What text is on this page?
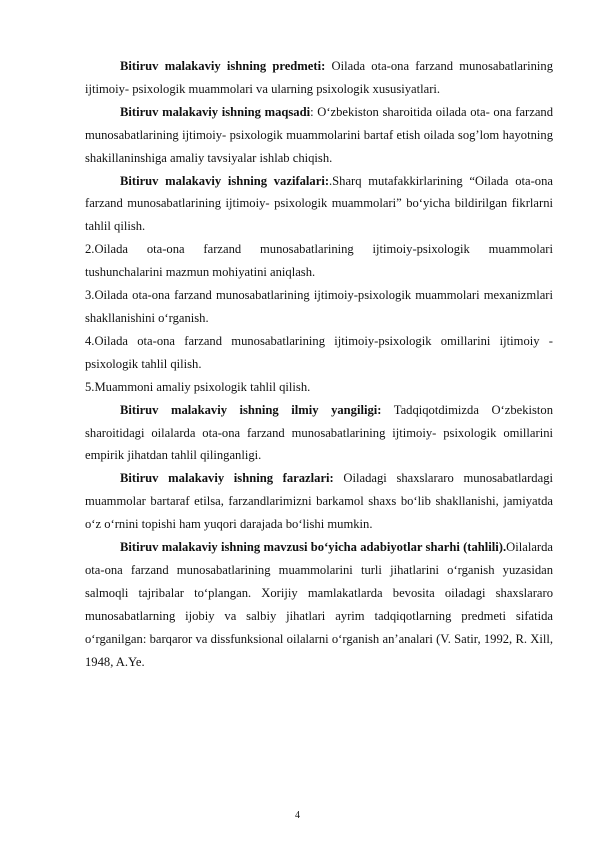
Bitiruv malakaviy ishning predmeti: Oilada ota-ona farzand munosabatlarining ijtimoiy- psixologik muammolari va ularning psixologik xususiyatlari.

Bitiruv malakaviy ishning maqsadi: O‘zbekiston sharoitida oilada ota- ona farzand munosabatlarining ijtimoiy- psixologik muammolarini bartaf etish oilada sog’lom hayotning shakillaninshiga amaliy tavsiyalar ishlab chiqish.

Bitiruv malakaviy ishning vazifalari:.Sharq mutafakkirlarining “Oilada ota-ona farzand munosabatlarining ijtimoiy- psixologik muammolari” bo‘yicha bildirilgan fikrlarni tahlil qilish.

2.Oilada ota-ona farzand munosabatlarining ijtimoiy-psixologik muammolari tushunchalarini mazmun mohiyatini aniqlash.

3.Oilada ota-ona farzand munosabatlarining ijtimoiy-psixologik muammolari mexanizmlari shakllanishini o‘rganish.

4.Oilada ota-ona farzand munosabatlarining ijtimoiy-psixologik omillarini ijtimoiy -psixologik tahlil qilish.

5.Muammoni amaliy psixologik tahlil qilish.

Bitiruv malakaviy ishning ilmiy yangiligi: Tadqiqotdimizda O‘zbekiston sharoitidagi oilalarda ota-ona farzand munosabatlarining ijtimoiy- psixologik omillarini empirik jihatdan tahlil qilinganligi.

Bitiruv malakaviy ishning farazlari: Oiladagi shaxslararo munosabatlardagi muammolar bartaraf etilsa, farzandlarimizni barkamol shaxs bo‘lib shakllanishi, jamiyatda o‘z o‘rnini topishi ham yuqori darajada bo‘lishi mumkin.

Bitiruv malakaviy ishning mavzusi bo‘yicha adabiyotlar sharhi (tahlili).Oilalarda ota-ona farzand munosabatlarining muammolarini turli jihatlarini o‘rganish yuzasidan salmoqli tajribalar to‘plangan. Xorijiy mamlakatlarda bevosita oiladagi shaxslararo munosabatlarning ijobiy va salbiy jihatlari ayrim tadqiqotlarning predmeti sifatida o‘rganilgan: barqaror va dissfunksional oilalarni o‘rganish an’analari (V. Satir, 1992, R. Xill, 1948, A.Ye.

4
